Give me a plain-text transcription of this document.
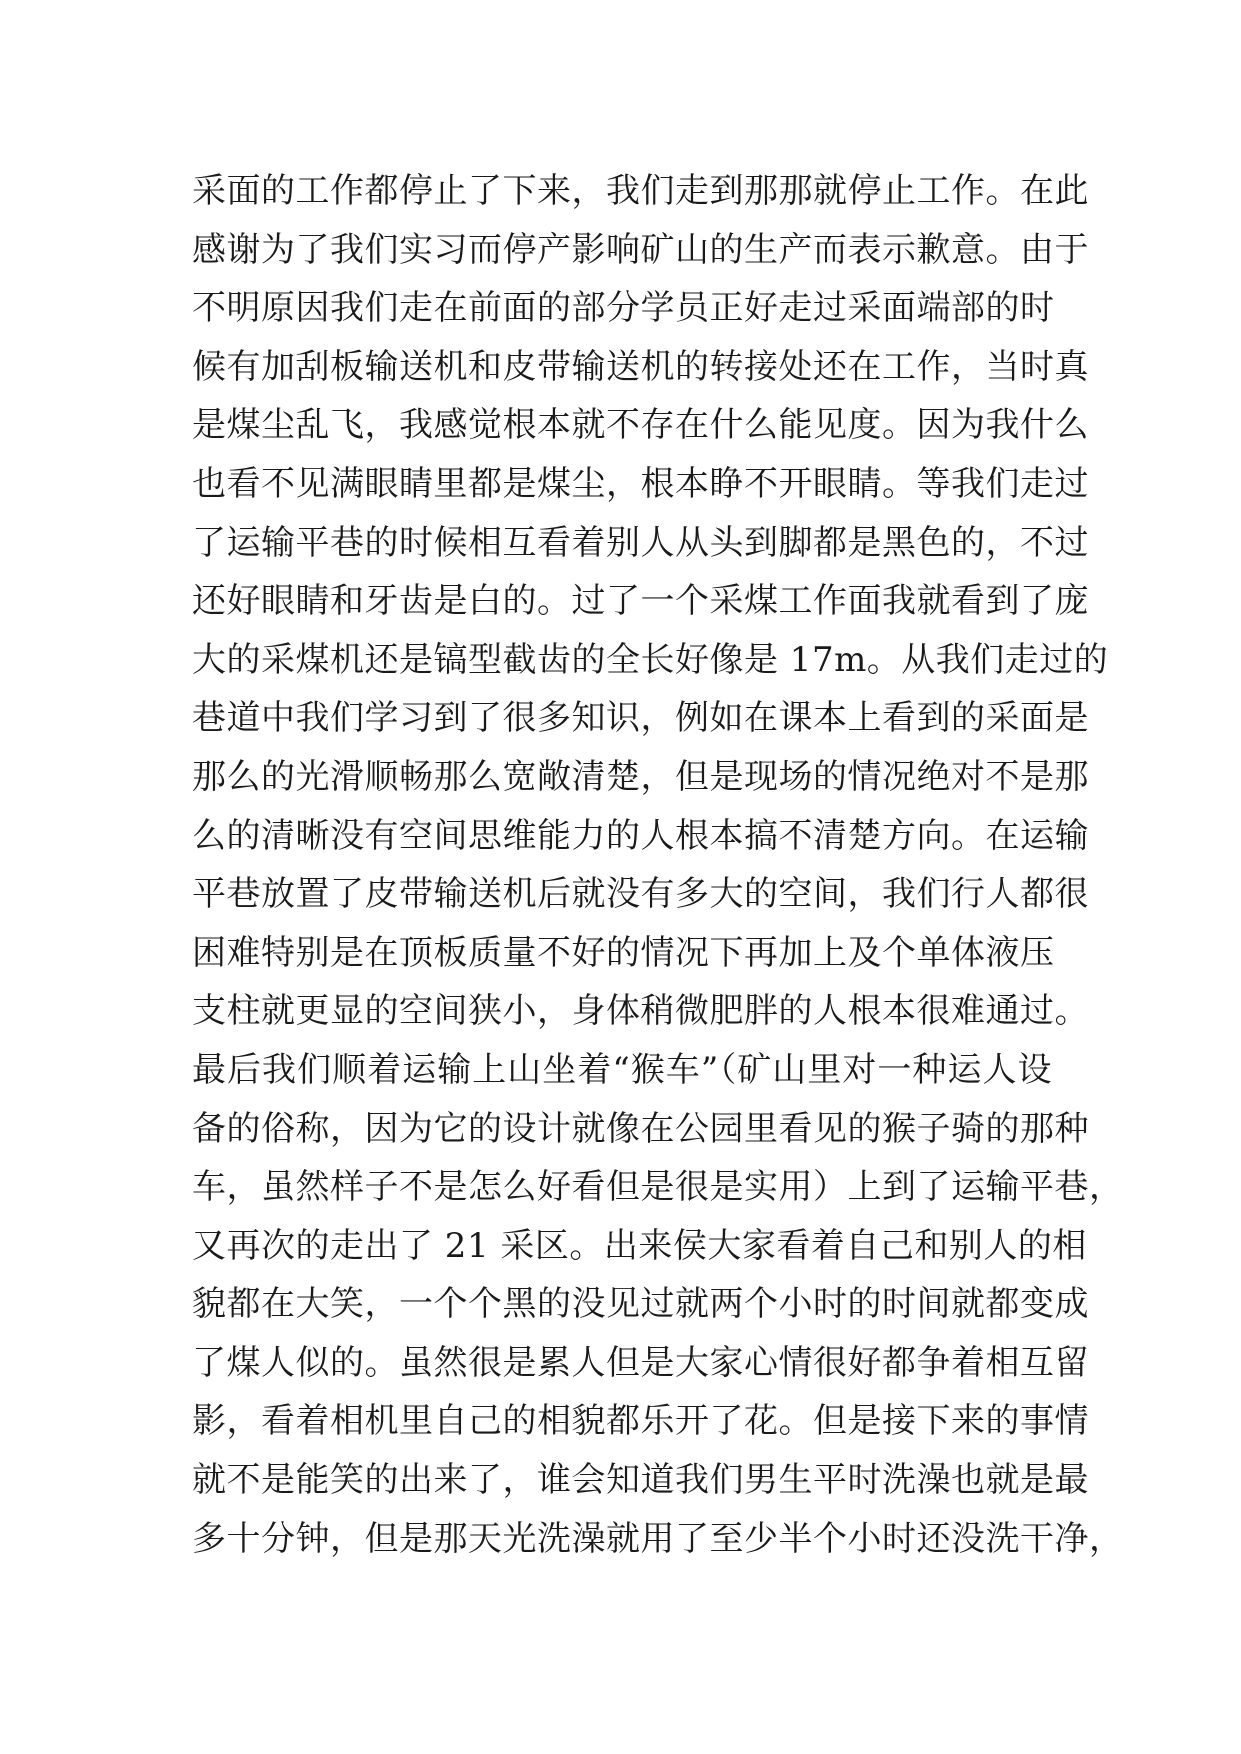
采面的工作都停止了下来，我们走到那那就停止工作。在此
感谢为了我们实习而停产影响矿山的生产而表示歉意。由于
不明原因我们走在前面的部分学员正好走过采面端部的时
候有加刮板输送机和皮带输送机的转接处还在工作，当时真
是煤尘乱飞，我感觉根本就不存在什么能见度。因为我什么
也看不见满眼睛里都是煤尘，根本睁不开眼睛。等我们走过
了运输平巷的时候相互看着别人从头到脚都是黑色的，不过
还好眼睛和牙齿是白的。过了一个采煤工作面我就看到了庞
大的采煤机还是镐型截齿的全长好像是 17m。从我们走过的
巷道中我们学习到了很多知识，例如在课本上看到的采面是
那么的光滑顺畅那么宽敞清楚，但是现场的情况绝对不是那
么的清晰没有空间思维能力的人根本搞不清楚方向。在运输
平巷放置了皮带输送机后就没有多大的空间，我们行人都很
困难特别是在顶板质量不好的情况下再加上及个单体液压
支柱就更显的空间狭小，身体稍微肥胖的人根本很难通过。
最后我们顺着运输上山坐着“猴车”（矿山里对一种运人设
备的俗称，因为它的设计就像在公园里看见的猴子骑的那种
车，虽然样子不是怎么好看但是很是实用）上到了运输平巷，
又再次的走出了 21 采区。出来侯大家看着自己和别人的相
貌都在大笑，一个个黑的没见过就两个小时的时间就都变成
了煤人似的。虽然很是累人但是大家心情很好都争着相互留
影，看着相机里自己的相貌都乐开了花。但是接下来的事情
就不是能笑的出来了，谁会知道我们男生平时洗澡也就是最
多十分钟，但是那天光洗澡就用了至少半个小时还没洗干净，
